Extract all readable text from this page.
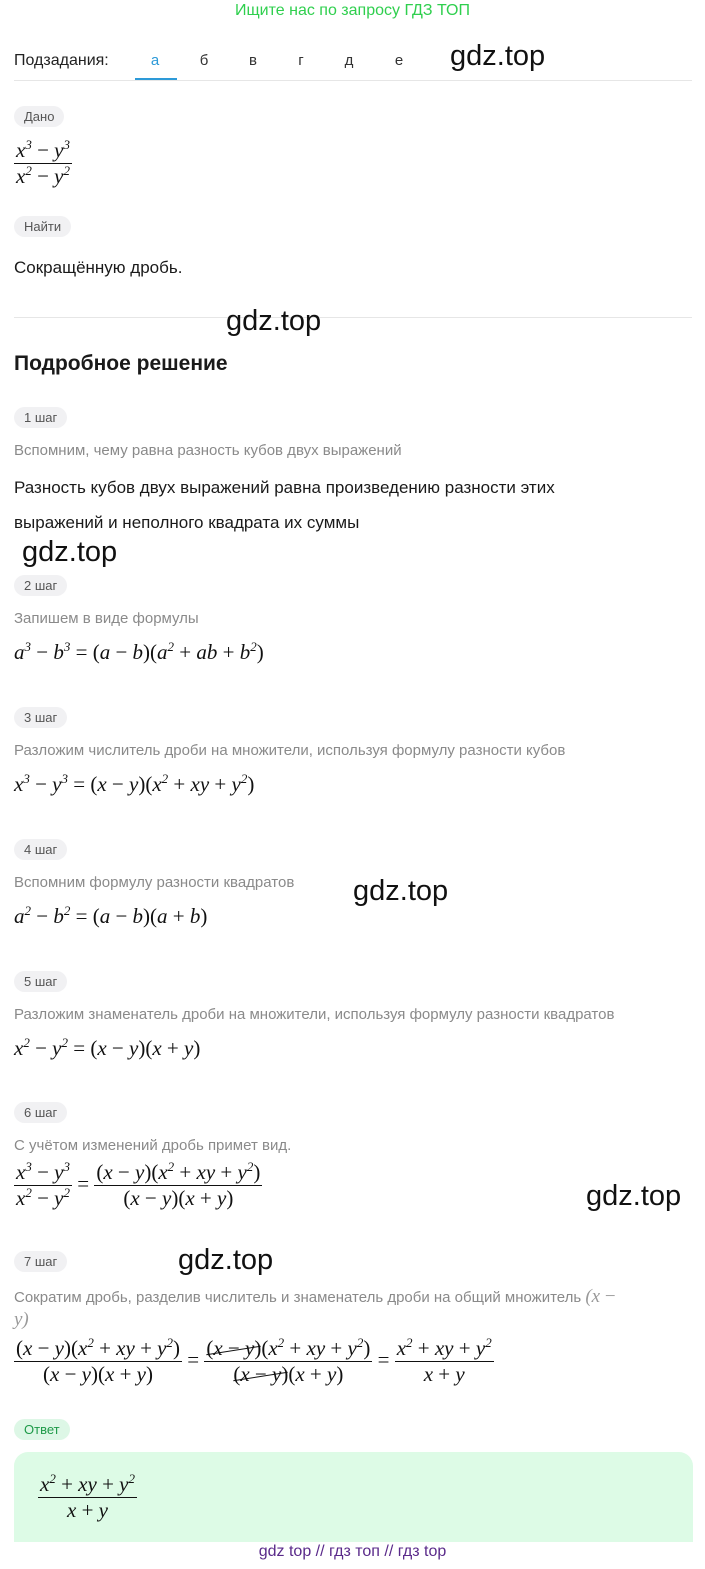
Ищите нас по запросу ГДЗ ТОП
Подзадания:	а	б	в	г	д	е	gdz.top
Дано
$\frac{x^3 - y^3}{x^2 - y^2}$
Найти
Сокращённую дробь.
gdz.top
Подробное решение
1 шаг
Вспомним, чему равна разность кубов двух выражений
Разность кубов двух выражений равна произведению разности этих
выражений и неполного квадрата их суммы
gdz.top
2 шаг
Запишем в виде формулы
$a^3 - b^3 = (a - b)(a^2$ + ab + $b^2$)
3 шаг
Разложим числитель дроби на множители, используя формулу разности кубов
$x^3 - y^3 = (x - y)(x^2$ + xy + $y^2$)
4 шаг
Вспомним формулу разности квадратов gdz.top
$a^2 - b^2 = (a - b)(a + b)$
5 шаг
Разложим знаменатель дроби на множители, используя формулу разности квадратов
$x^2 - y^2 = (x - y)(x + y)$
6 шаг
С учётом изменений дробь примет вид.
$\frac{x^3 - y^3}{x^2 - y^2} = \frac{(x - y)(x^2 + xy + y^2)}{(x - y)(x + y)}$	gdz.top
gdz.top
7 шаг
Сократим дробь, разделив числитель и знаменатель дроби на общий множитель (x −
y)
$\frac{(x - y)(x^2 + xy + y^2)}{(x - y)(x + y)} = \frac{(x - y)(x^2 + xy + y^2)}{(x - y)(x + y)} = \frac{x^2 + xy + y^2}{x + y}$
Ответ
$\frac{x^2 + xy + y^2}{x + y}$
gdz top // гдз топ // гдз top
